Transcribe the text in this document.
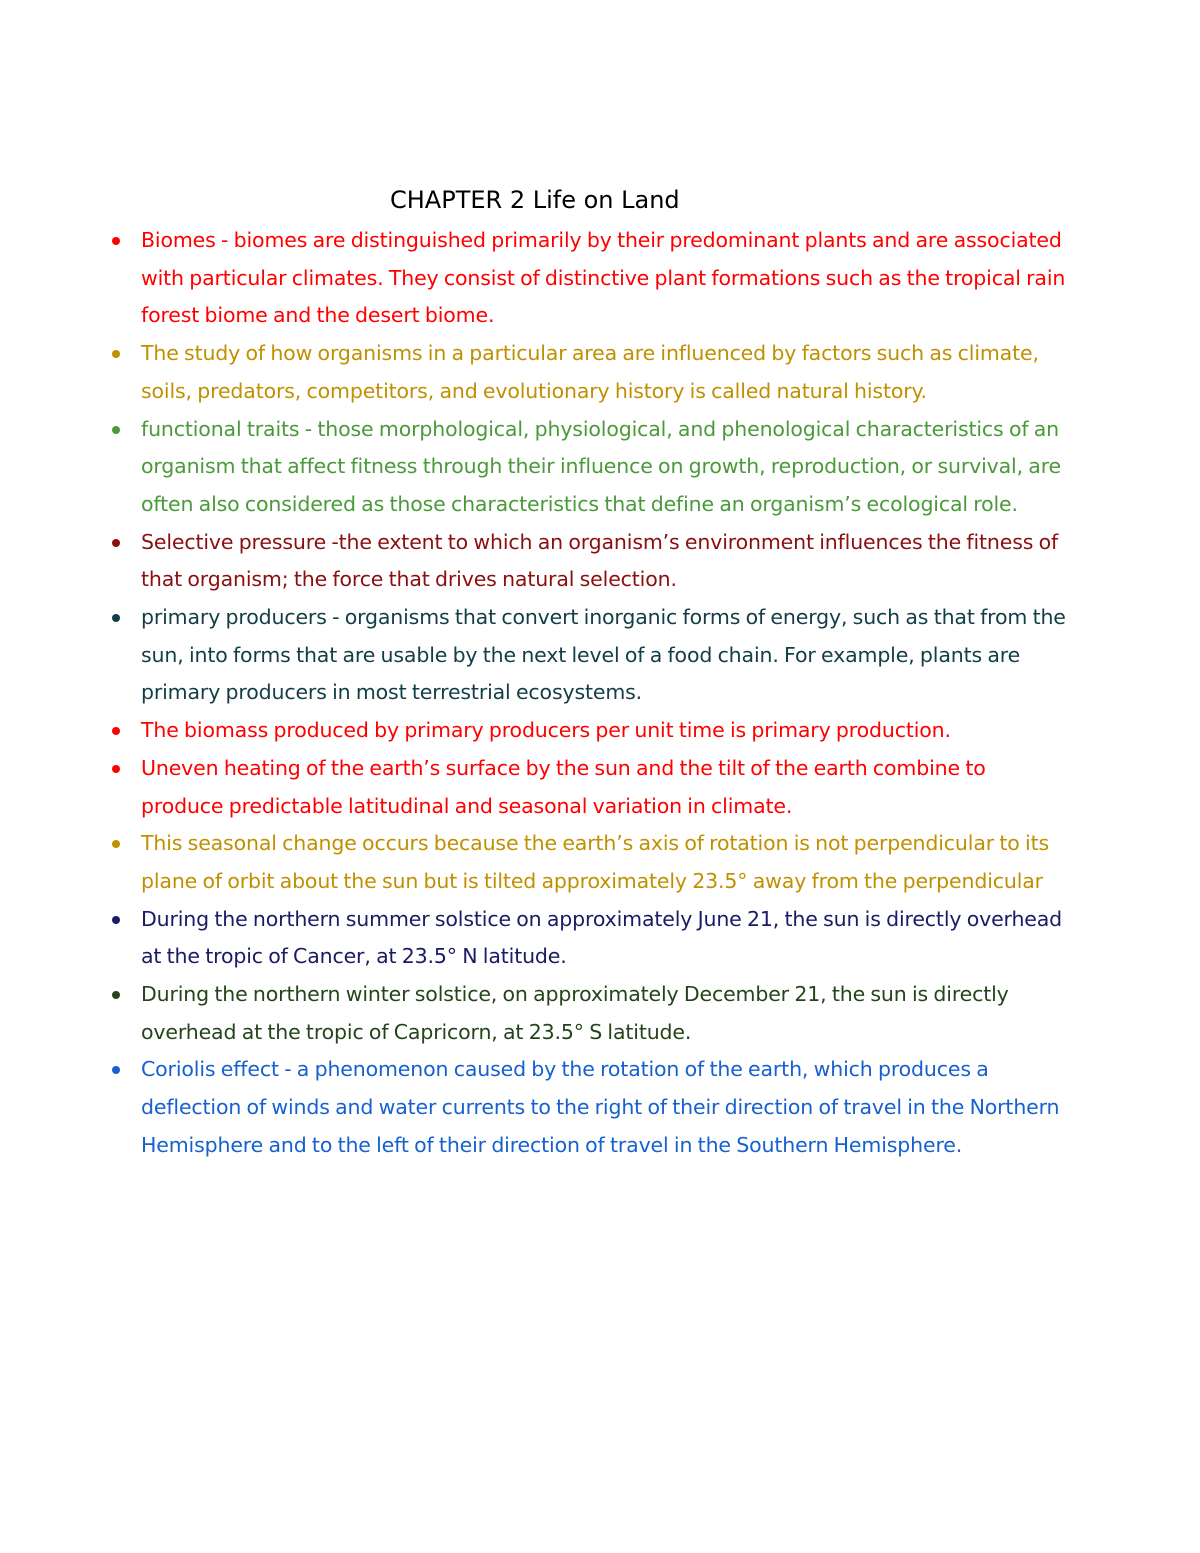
CHAPTER 2 Life on Land
Biomes - biomes are distinguished primarily by their predominant plants and are associated with particular climates. They consist of distinctive plant formations such as the tropical rain forest biome and the desert biome.
The study of how organisms in a particular area are influenced by factors such as climate, soils, predators, competitors, and evolutionary history is called natural history.
functional traits - those morphological, physiological, and phenological characteristics of an organism that affect fitness through their influence on growth, reproduction, or survival, are often also considered as those characteristics that define an organism’s ecological role.
Selective pressure -the extent to which an organism’s environment influences the fitness of that organism; the force that drives natural selection.
primary producers - organisms that convert inorganic forms of energy, such as that from the sun, into forms that are usable by the next level of a food chain. For example, plants are primary producers in most terrestrial ecosystems.
The biomass produced by primary producers per unit time is primary production.
Uneven heating of the earth’s surface by the sun and the tilt of the earth combine to produce predictable latitudinal and seasonal variation in climate.
This seasonal change occurs because the earth’s axis of rotation is not perpendicular to its plane of orbit about the sun but is tilted approximately 23.5° away from the perpendicular
During the northern summer solstice on approximately June 21, the sun is directly overhead at the tropic of Cancer, at 23.5° N latitude.
During the northern winter solstice, on approximately December 21, the sun is directly overhead at the tropic of Capricorn, at 23.5° S latitude.
Coriolis effect - a phenomenon caused by the rotation of the earth, which produces a deflection of winds and water currents to the right of their direction of travel in the Northern Hemisphere and to the left of their direction of travel in the Southern Hemisphere.
